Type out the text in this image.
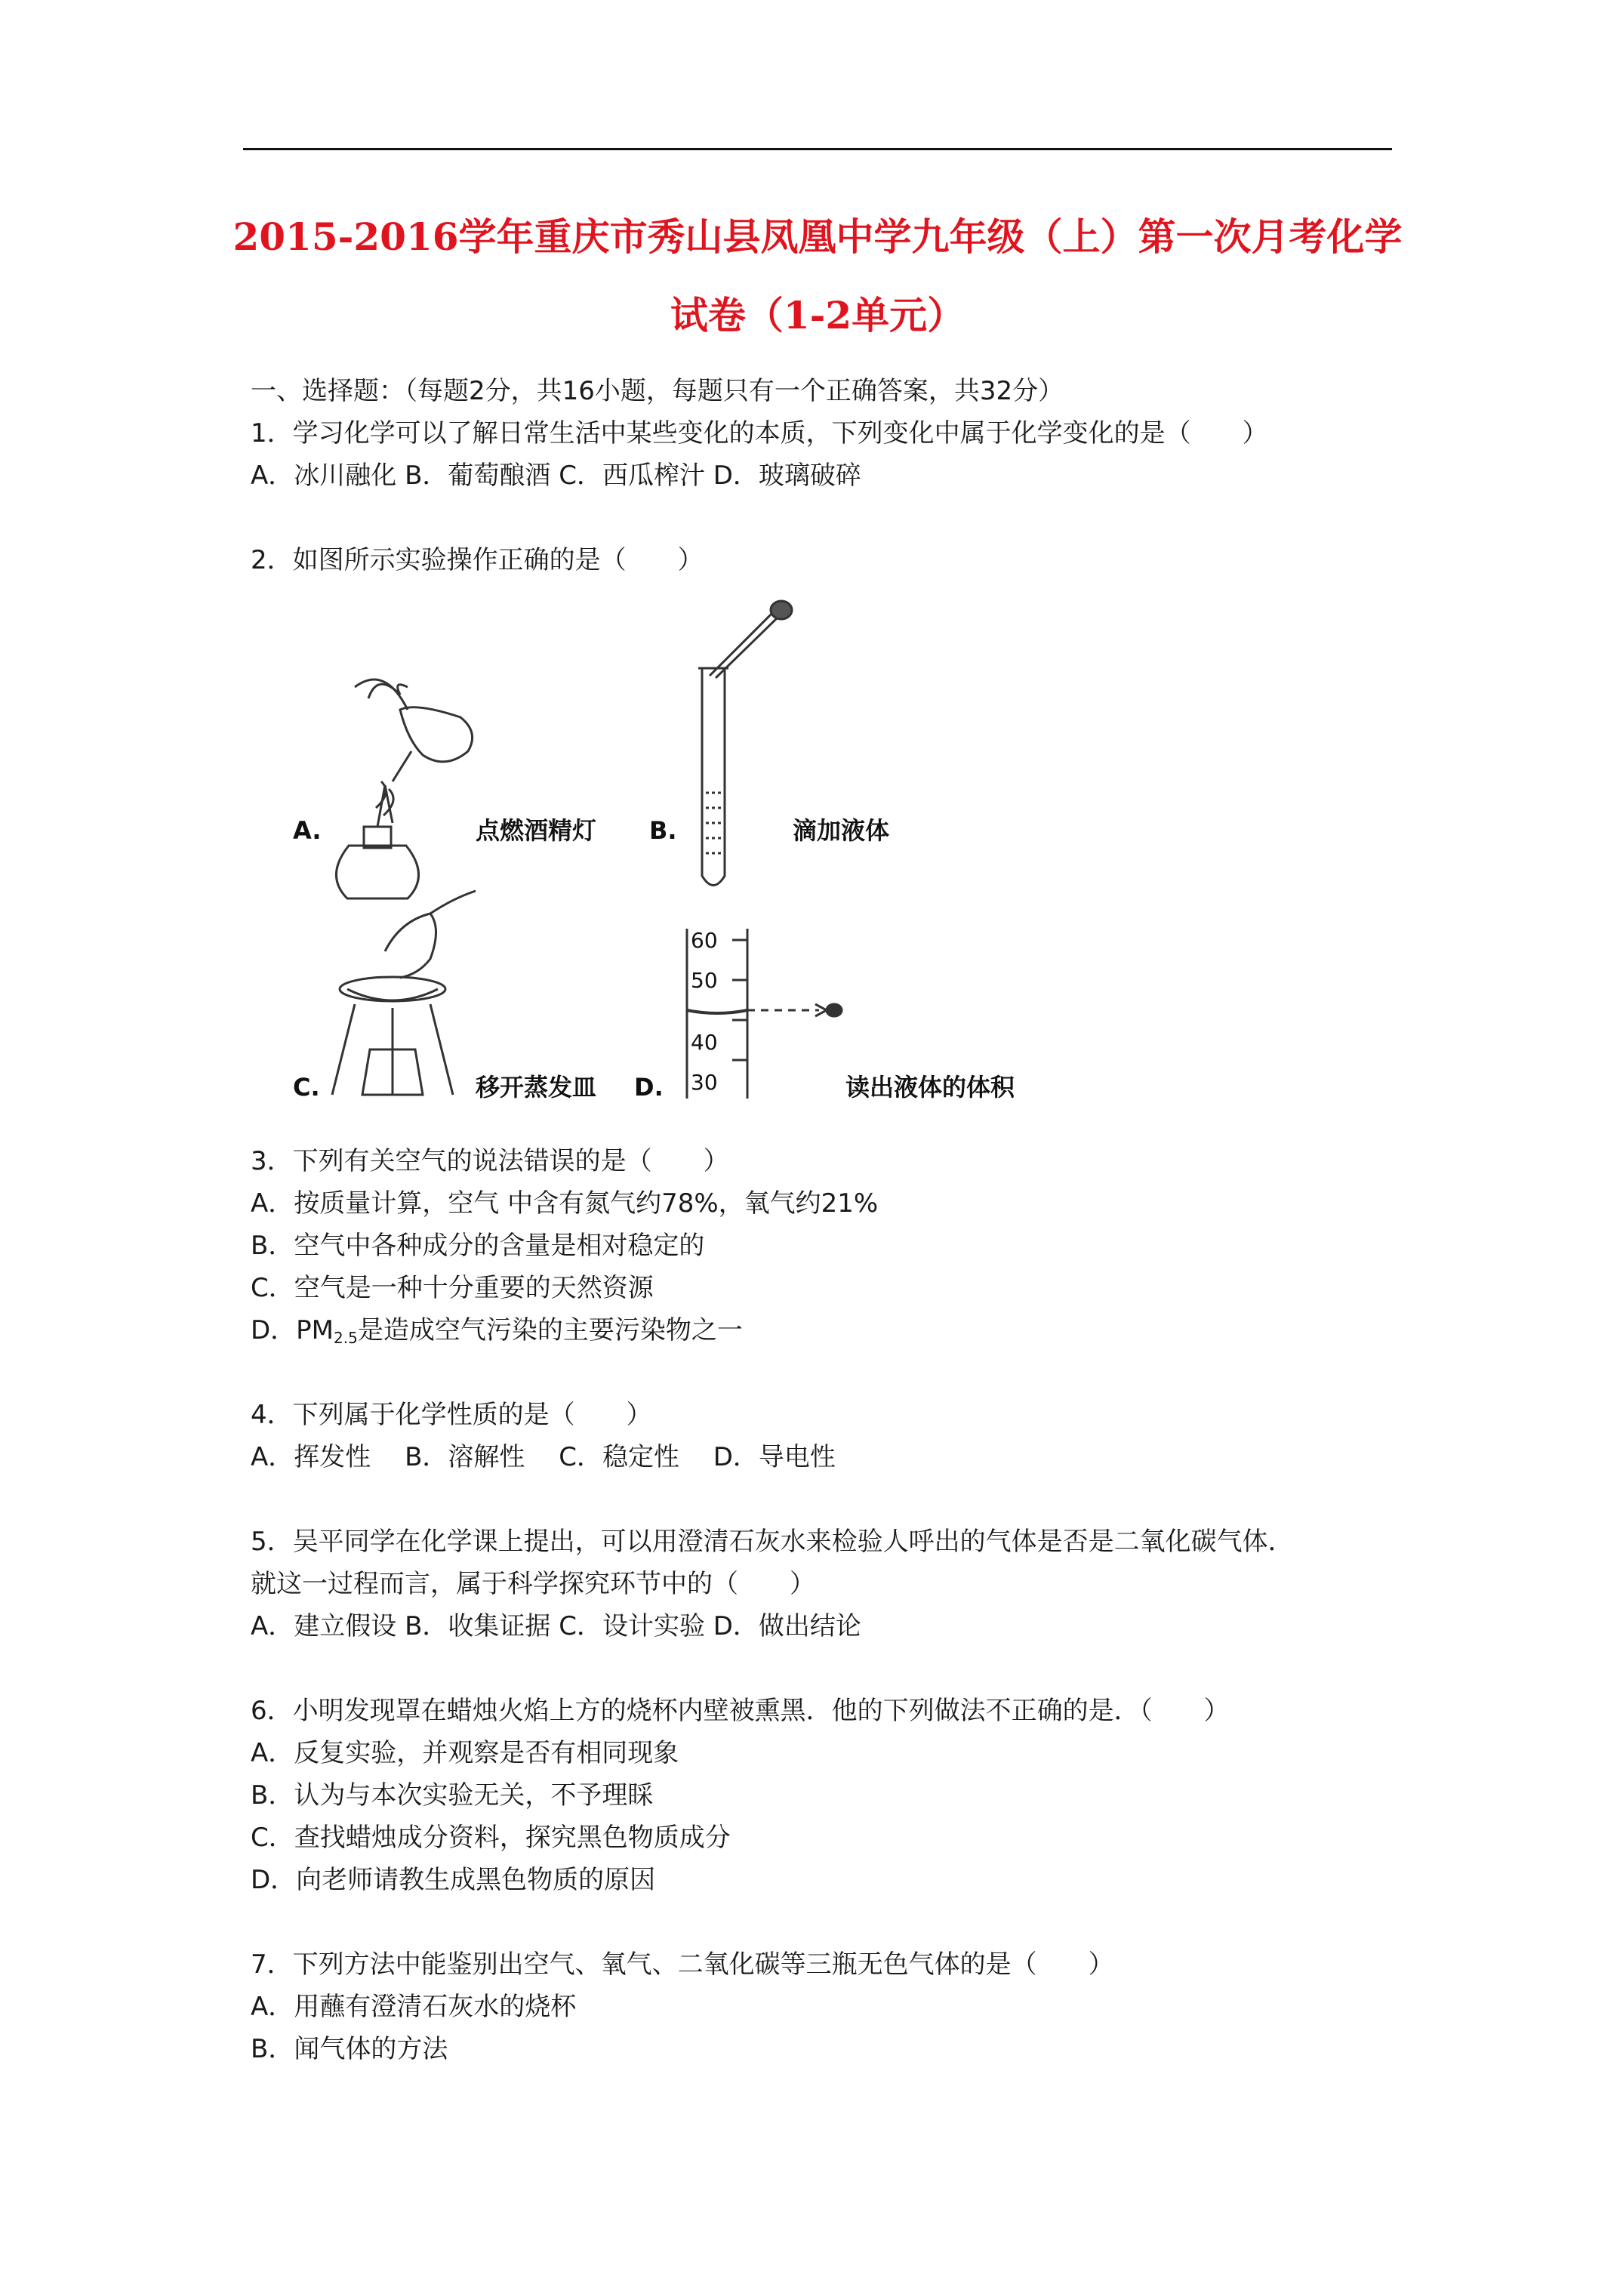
2015-2016学年重庆市秀山县凤凰中学九年级（上）第一次月考化学
试卷（1-2单元）
一、选择题：（每题2分，共16小题，每题只有一个正确答案，共32分）
1．学习化学可以了解日常生活中某些变化的本质，下列变化中属于化学变化的是（　　）
A．冰川融化 B．葡萄酿酒 C．西瓜榨汁 D．玻璃破碎
2．如图所示实验操作正确的是（　　）
A.	点燃酒精灯 B.	滴加液体
C.	移开蒸发皿 D.	读出液体的体积
60
50
40
30
3．下列有关空气的说法错误的是（　　）
A．按质量计算，空气 中含有氮气约78%，氧气约21%
B．空气中各种成分的含量是相对稳定的
C．空气是一种十分重要的天然资源
D．$PM_{2.5}$是造成空气污染的主要污染物之一
4．下列属于化学性质的是（　　）
A．挥发性　 B．溶解性　 C．稳定性　 D．导电性
5．吴平同学在化学课上提出，可以用澄清石灰水来检验人呼出的气体是否是二氧化碳气体．
就这一过程而言，属于科学探究环节中的（　　）
A．建立假设 B．收集证据 C．设计实验 D．做出结论
6．小明发现罩在蜡烛火焰上方的烧杯内壁被熏黑．他的下列做法不正确的是．（　　）
A．反复实验，并观察是否有相同现象
B．认为与本次实验无关，不予理睬
C．查找蜡烛成分资料，探究黑色物质成分
D．向老师请教生成黑色物质的原因
7．下列方法中能鉴别出空气、氧气、二氧化碳等三瓶无色气体的是（　　）
A．用蘸有澄清石灰水的烧杯
B．闻气体的方法
